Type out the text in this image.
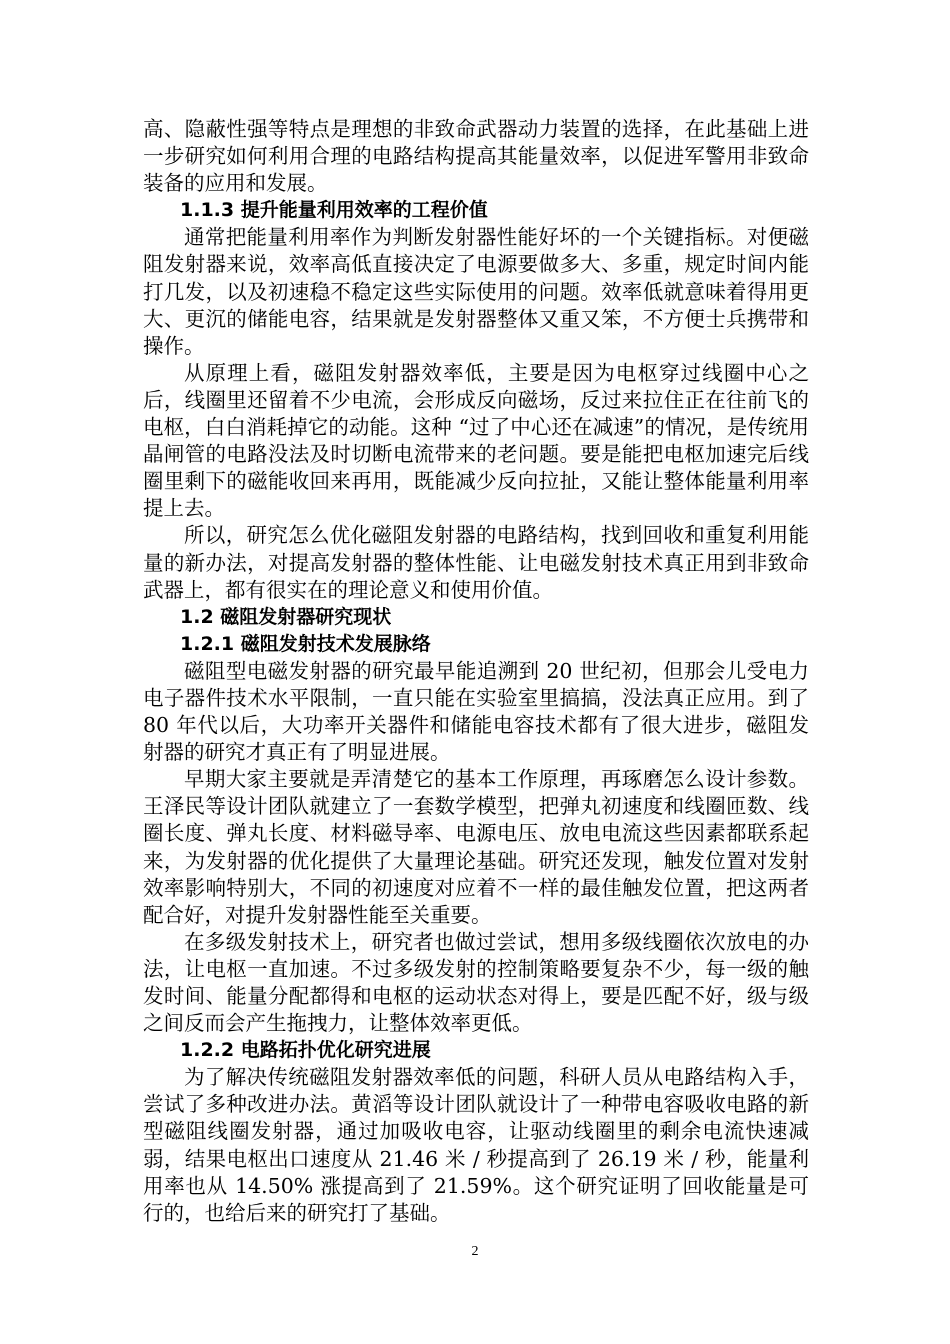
高、隐蔽性强等特点是理想的非致命武器动力装置的选择，在此基础上进一步研究如何利用合理的电路结构提高其能量效率，以促进军警用非致命装备的应用和发展。

1.1.3 提升能量利用效率的工程价值

通常把能量利用率作为判断发射器性能好坏的一个关键指标。对便磁阻发射器来说，效率高低直接决定了电源要做多大、多重，规定时间内能打几发，以及初速稳不稳定这些实际使用的问题。效率低就意味着得用更大、更沉的储能电容，结果就是发射器整体又重又笨，不方便士兵携带和操作。

从原理上看，磁阻发射器效率低，主要是因为电枢穿过线圈中心之后，线圈里还留着不少电流，会形成反向磁场，反过来拉住正在往前飞的电枢，白白消耗掉它的动能。这种 “过了中心还在减速”的情况，是传统用晶闸管的电路没法及时切断电流带来的老问题。要是能把电枢加速完后线圈里剩下的磁能收回来再用，既能减少反向拉扯，又能让整体能量利用率提上去。

所以，研究怎么优化磁阻发射器的电路结构，找到回收和重复利用能量的新办法，对提高发射器的整体性能、让电磁发射技术真正用到非致命武器上，都有很实在的理论意义和使用价值。

1.2 磁阻发射器研究现状

1.2.1 磁阻发射技术发展脉络

磁阻型电磁发射器的研究最早能追溯到 20 世纪初，但那会儿受电力电子器件技术水平限制，一直只能在实验室里搞搞，没法真正应用。到了 80 年代以后，大功率开关器件和储能电容技术都有了很大进步，磁阻发射器的研究才真正有了明显进展。

早期大家主要就是弄清楚它的基本工作原理，再琢磨怎么设计参数。王泽民等设计团队就建立了一套数学模型，把弹丸初速度和线圈匝数、线圈长度、弹丸长度、材料磁导率、电源电压、放电电流这些因素都联系起来，为发射器的优化提供了大量理论基础。研究还发现，触发位置对发射效率影响特别大，不同的初速度对应着不一样的最佳触发位置，把这两者配合好，对提升发射器性能至关重要。

在多级发射技术上，研究者也做过尝试，想用多级线圈依次放电的办法，让电枢一直加速。不过多级发射的控制策略要复杂不少，每一级的触发时间、能量分配都得和电枢的运动状态对得上，要是匹配不好，级与级之间反而会产生拖拽力，让整体效率更低。

1.2.2 电路拓扑优化研究进展

为了解决传统磁阻发射器效率低的问题，科研人员从电路结构入手，尝试了多种改进办法。黄滔等设计团队就设计了一种带电容吸收电路的新型磁阻线圈发射器，通过加吸收电容，让驱动线圈里的剩余电流快速减弱，结果电枢出口速度从 21.46 米 / 秒提高到了 26.19 米 / 秒，能量利用率也从 14.50% 涨提高到了 21.59%。这个研究证明了回收能量是可行的，也给后来的研究打了基础。

2
